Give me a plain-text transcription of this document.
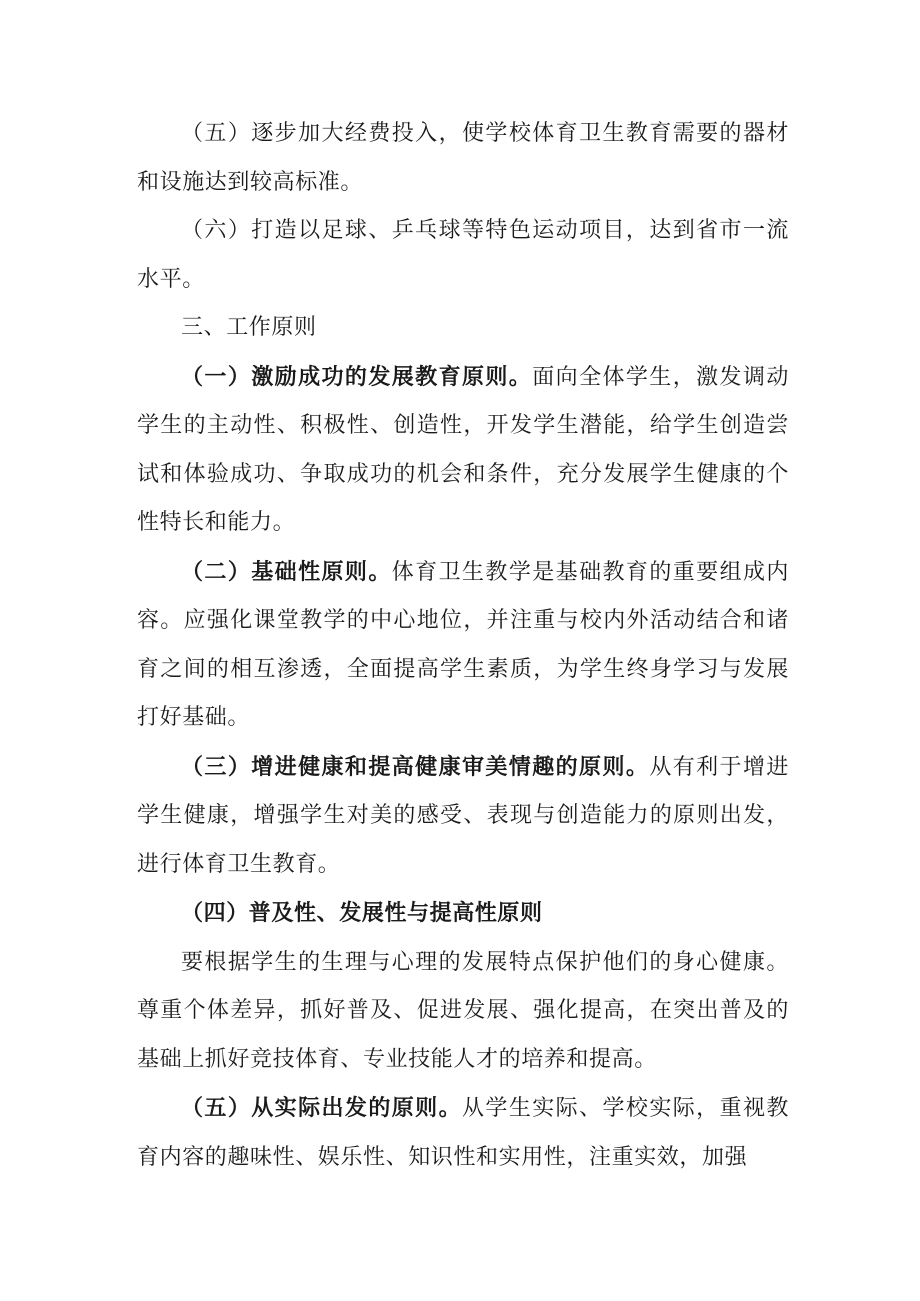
（五）逐步加大经费投入，使学校体育卫生教育需要的器材和设施达到较高标准。

（六）打造以足球、乒乓球等特色运动项目，达到省市一流水平。

三、工作原则

（一）激励成功的发展教育原则。面向全体学生，激发调动学生的主动性、积极性、创造性，开发学生潜能，给学生创造尝试和体验成功、争取成功的机会和条件，充分发展学生健康的个性特长和能力。

（二）基础性原则。体育卫生教学是基础教育的重要组成内容。应强化课堂教学的中心地位，并注重与校内外活动结合和诸育之间的相互渗透，全面提高学生素质，为学生终身学习与发展打好基础。

（三）增进健康和提高健康审美情趣的原则。从有利于增进学生健康，增强学生对美的感受、表现与创造能力的原则出发，进行体育卫生教育。

（四）普及性、发展性与提高性原则

要根据学生的生理与心理的发展特点保护他们的身心健康。尊重个体差异，抓好普及、促进发展、强化提高，在突出普及的基础上抓好竞技体育、专业技能人才的培养和提高。

（五）从实际出发的原则。从学生实际、学校实际，重视教育内容的趣味性、娱乐性、知识性和实用性，注重实效，加强
